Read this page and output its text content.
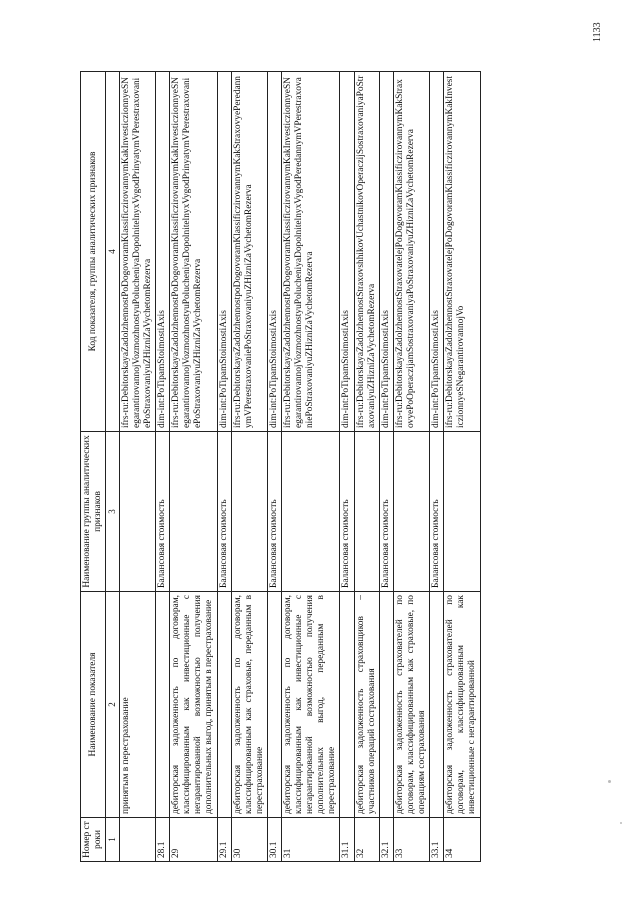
1133
Номер строки	Наименование показателя	Наименование группы аналитических признаков	Код показателя, группы аналитических признаков
1	2	3	4
	принятым в перестрахование		ifrs-ru:DebitorskayaZadolzhennostPoDogovoramKlassificzirovannymKakInvesticzionnyeSNegarantirovannojVozmozhnostyuPolucheniyaDopolnitelnyxVygodPrinyatymVPerestraxovaniePoStraxovaniyuZHizniZaVychetomRezerva
28.1		Балансовая стоимость	dim-int:PoTipamStoimostiAxis
29	дебиторская задолженность по договорам, классифицированным как инвестиционные с негарантированной возможностью получения дополнительных выгод, принятым в перестрахование		ifrs-ru:DebitorskayaZadolzhennostPoDogovoramKlassificzirovannymKakInvesticzionnyeSNegarantirovannojVozmozhnostyuPolucheniyaDopolnitelnyxVygodPrinyatymVPerestraxovaniePoStraxovaniyuZHizniZaVychetomRezerva
29.1		Балансовая стоимость	dim-int:PoTipamStoimostiAxis
30	дебиторская задолженность по договорам, классифицированным как страховые, переданным в перестрахование		ifrs-ru:DebitorskayaZadolzhennostpoDogovoramKlassificzirovannymKakStraxovyePeredannymVPerestraxovaniePoStraxovaniyuZHizniZaVychetomRezerva
30.1		Балансовая стоимость	dim-int:PoTipamStoimostiAxis
31	дебиторская задолженность по договорам, классифицированным как инвестиционные с негарантированной возможностью получения дополнительных выгод, переданным в перестрахование		ifrs-ru:DebitorskayaZadolzhennostPoDogovoramKlassificzirovannymKakInvesticzionnyeSNegarantirovannojVozmozhnostyuPolucheniyaDopolnitelnyxVygodPeredannymVPerestraxovaniePoStraxovaniyuZHizniZaVychetomRezerva
31.1		Балансовая стоимость	dim-int:PoTipamStoimostiAxis
32	дебиторская задолженность страховщиков – участников операций сострахования		ifrs-ru:DebitorskayaZadolzhennostStraxovshhikovUchastnikovOperaczijSostraxovaniyaPoStraxovaniyuZHizniZaVychetomRezerva
32.1		Балансовая стоимость	dim-int:PoTipamStoimostiAxis
33	дебиторская задолженность страхователей по договорам, классифицированным как страховые, по операциям сострахования		ifrs-ru:DebitorskayaZadolzhennostStraxovatelejPoDogovoramKlassificzirovannymKakStraxovyePoOperaczijamSostraxovaniyaPoStraxovaniyuZHizniZaVychetomRezerva
33.1		Балансовая стоимость	dim-int:PoTipamStoimostiAxis
34	дебиторская задолженность страхователей по договорам, классифицированным как инвестиционные с негарантированной		ifrs-ru:DebitorskayaZadolzhennostStraxovatelejPoDogovoramKlassificzirovannymKakInvesticzionnyeSNegarantirovannojVo
